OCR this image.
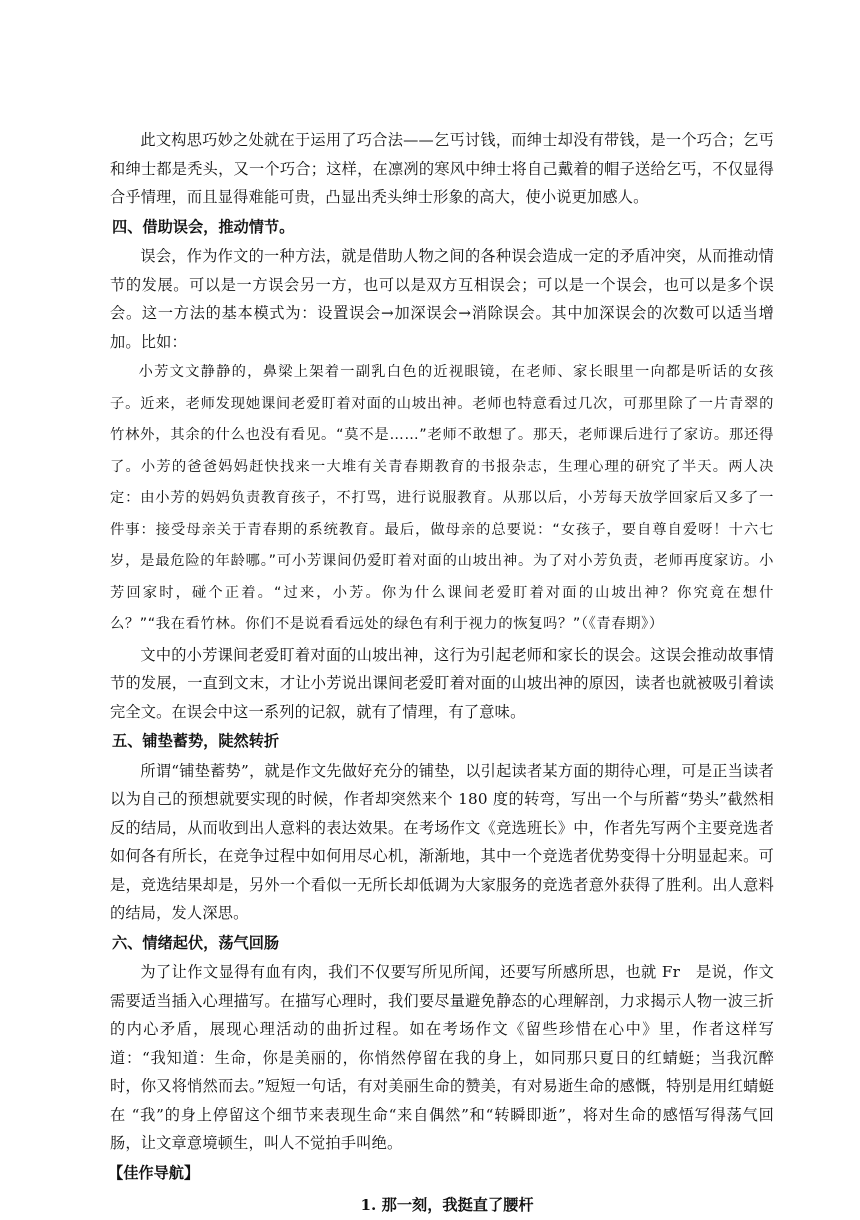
此文构思巧妙之处就在于运用了巧合法——乞丐讨钱，而绅士却没有带钱，是一个巧合；乞丐和绅士都是秃头，又一个巧合；这样，在凛冽的寒风中绅士将自己戴着的帽子送给乞丐，不仅显得合乎情理，而且显得难能可贵，凸显出秃头绅士形象的高大，使小说更加感人。

四、借助误会，推动情节。

误会，作为作文的一种方法，就是借助人物之间的各种误会造成一定的矛盾冲突，从而推动情节的发展。可以是一方误会另一方，也可以是双方互相误会；可以是一个误会，也可以是多个误会。这一方法的基本模式为：设置误会→加深误会→消除误会。其中加深误会的次数可以适当增加。比如：

小芳文文静静的，鼻梁上架着一副乳白色的近视眼镜，在老师、家长眼里一向都是听话的女孩子。近来，老师发现她课间老爱盯着对面的山坡出神。老师也特意看过几次，可那里除了一片青翠的竹林外，其余的什么也没有看见。“莫不是……”老师不敢想了。那天，老师课后进行了家访。那还得了。小芳的爸爸妈妈赶快找来一大堆有关青春期教育的书报杂志，生理心理的研究了半天。两人决定：由小芳的妈妈负责教育孩子，不打骂，进行说服教育。从那以后，小芳每天放学回家后又多了一件事：接受母亲关于青春期的系统教育。最后，做母亲的总要说：“女孩子，要自尊自爱呀！十六七岁，是最危险的年龄哪。”可小芳课间仍爱盯着对面的山坡出神。为了对小芳负责，老师再度家访。小芳回家时，碰个正着。“过来，小芳。你为什么课间老爱盯着对面的山坡出神？你究竟在想什么？”“我在看竹林。你们不是说看看远处的绿色有利于视力的恢复吗？”（《青春期》）

文中的小芳课间老爱盯着对面的山坡出神，这行为引起老师和家长的误会。这误会推动故事情节的发展，一直到文末，才让小芳说出课间老爱盯着对面的山坡出神的原因，读者也就被吸引着读完全文。在误会中这一系列的记叙，就有了情理，有了意味。

五、铺垫蓄势，陡然转折

所谓“铺垫蓄势”，就是作文先做好充分的铺垫，以引起读者某方面的期待心理，可是正当读者以为自己的预想就要实现的时候，作者却突然来个 180 度的转弯，写出一个与所蓄“势头”截然相反的结局，从而收到出人意料的表达效果。在考场作文《竞选班长》中，作者先写两个主要竞选者如何各有所长，在竞争过程中如何用尽心机，渐渐地，其中一个竞选者优势变得十分明显起来。可是，竞选结果却是，另外一个看似一无所长却低调为大家服务的竞选者意外获得了胜利。出人意料的结局，发人深思。

六、情绪起伏，荡气回肠

为了让作文显得有血有肉，我们不仅要写所见所闻，还要写所感所思，也就 Fr　是说，作文需要适当插入心理描写。在描写心理时，我们要尽量避免静态的心理解剖，力求揭示人物一波三折的内心矛盾，展现心理活动的曲折过程。如在考场作文《留些珍惜在心中》里，作者这样写道：“我知道：生命，你是美丽的，你悄然停留在我的身上，如同那只夏日的红蜻蜓；当我沉醉时，你又将悄然而去。”短短一句话，有对美丽生命的赞美，有对易逝生命的感慨，特别是用红蜻蜓在 “我”的身上停留这个细节来表现生命“来自偶然”和“转瞬即逝”，将对生命的感悟写得荡气回肠，让文章意境顿生，叫人不觉拍手叫绝。

【佳作导航】

1. 那一刻，我挺直了腰杆
